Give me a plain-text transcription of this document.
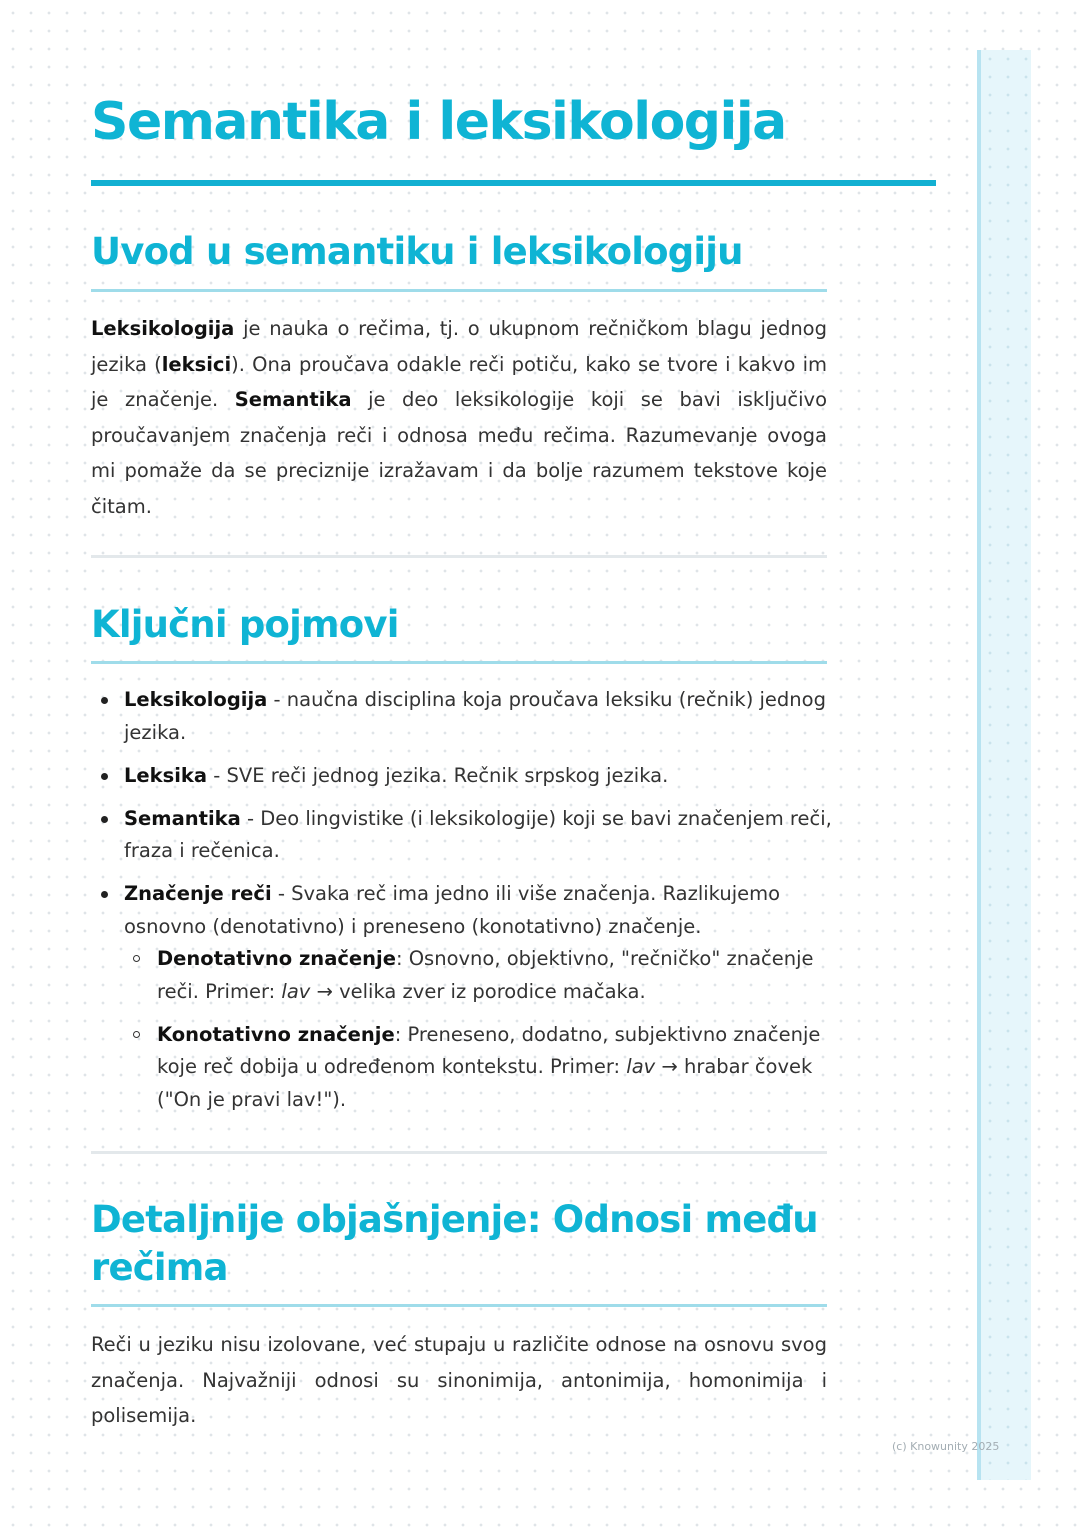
Semantika i leksikologija
Uvod u semantiku i leksikologiju

Leksikologija je nauka o rečima, tj. o ukupnom rečničkom blagu jednog jezika (leksici). Ona proučava odakle reči potiču, kako se tvore i kakvo im je značenje. Semantika je deo leksikologije koji se bavi isključivo proučavanjem značenja reči i odnosa među rečima. Razumevanje ovoga mi pomaže da se preciznije izražavam i da bolje razumem tekstove koje čitam.

Ključni pojmovi
Leksikologija - naučna disciplina koja proučava leksiku (rečnik) jednog jezika.
Leksika - SVE reči jednog jezika. Rečnik srpskog jezika.
Semantika - Deo lingvistike (i leksikologije) koji se bavi značenjem reči, fraza i rečenica.
Značenje reči - Svaka reč ima jedno ili više značenja. Razlikujemo osnovno (denotativno) i preneseno (konotativno) značenje.
Denotativno značenje: Osnovno, objektivno, "rečničko" značenje reči. Primer: lav → velika zver iz porodice mačaka.
Konotativno značenje: Preneseno, dodatno, subjektivno značenje koje reč dobija u određenom kontekstu. Primer: lav → hrabar čovek ("On je pravi lav!").
Detaljnije objašnjenje: Odnosi među rečima

Reči u jeziku nisu izolovane, već stupaju u različite odnose na osnovu svog značenja. Najvažniji odnosi su sinonimija, antonimija, homonimija i polisemija.

(c) Knowunity 2025
